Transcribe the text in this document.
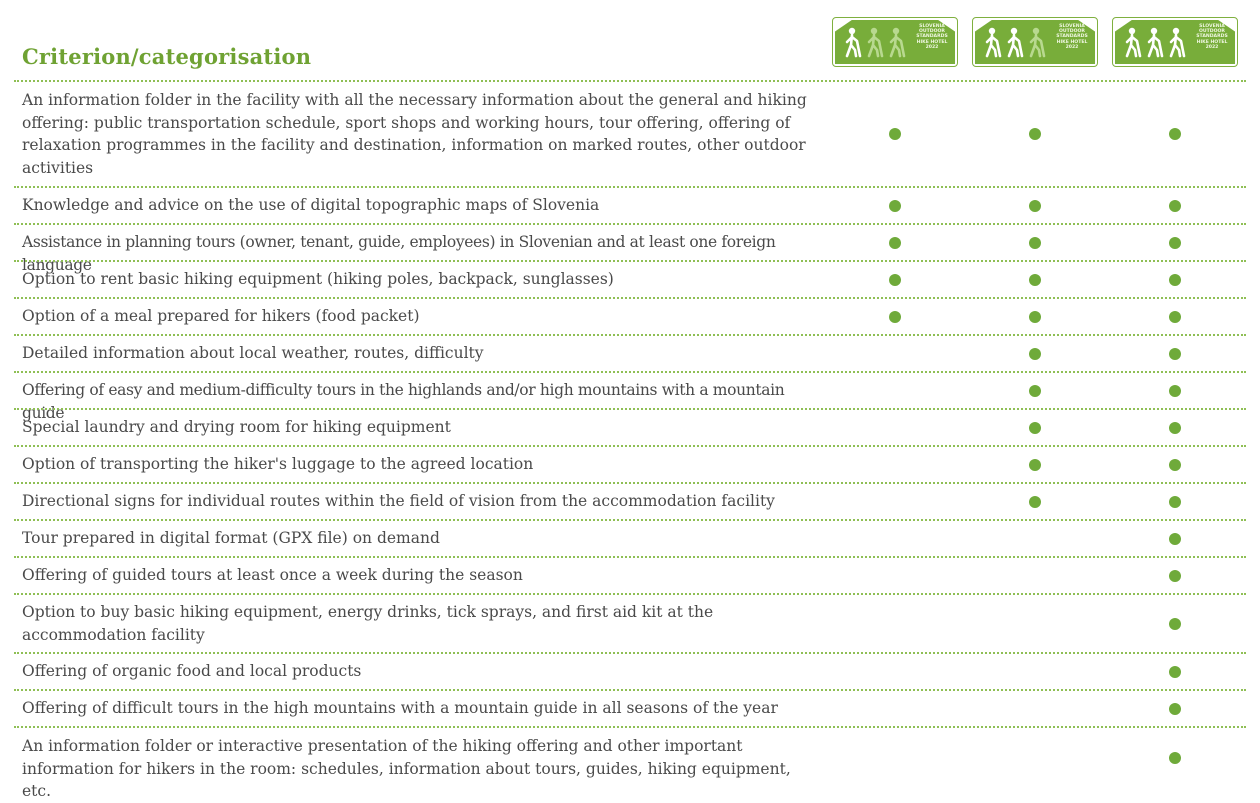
Criterion/categorisation
SLOVENIA
OUTDOOR
STANDARDS
HIKE HOTEL
2022
SLOVENIA
OUTDOOR
STANDARDS
HIKE HOTEL
2022
SLOVENIA
OUTDOOR
STANDARDS
HIKE HOTEL
2022
An information folder in the facility with all the necessary information about the general and hiking offering: public transportation schedule, sport shops and working hours, tour offering, offering of relaxation programmes in the facility and destination, information on marked routes, other outdoor activities
Knowledge and advice on the use of digital topographic maps of Slovenia
Assistance in planning tours (owner, tenant, guide, employees) in Slovenian and at least one foreign language
Option to rent basic hiking equipment (hiking poles, backpack, sunglasses)
Option of a meal prepared for hikers (food packet)
Detailed information about local weather, routes, difficulty
Offering of easy and medium-difficulty tours in the highlands and/or high mountains with a mountain guide
Special laundry and drying room for hiking equipment
Option of transporting the hiker's luggage to the agreed location
Directional signs for individual routes within the field of vision from the accommodation facility
Tour prepared in digital format (GPX file) on demand
Offering of guided tours at least once a week during the season
Option to buy basic hiking equipment, energy drinks, tick sprays, and first aid kit at the accommodation facility
Offering of organic food and local products
Offering of difficult tours in the high mountains with a mountain guide in all seasons of the year
An information folder or interactive presentation of the hiking offering and other important information for hikers in the room: schedules, information about tours, guides, hiking equipment, etc.
